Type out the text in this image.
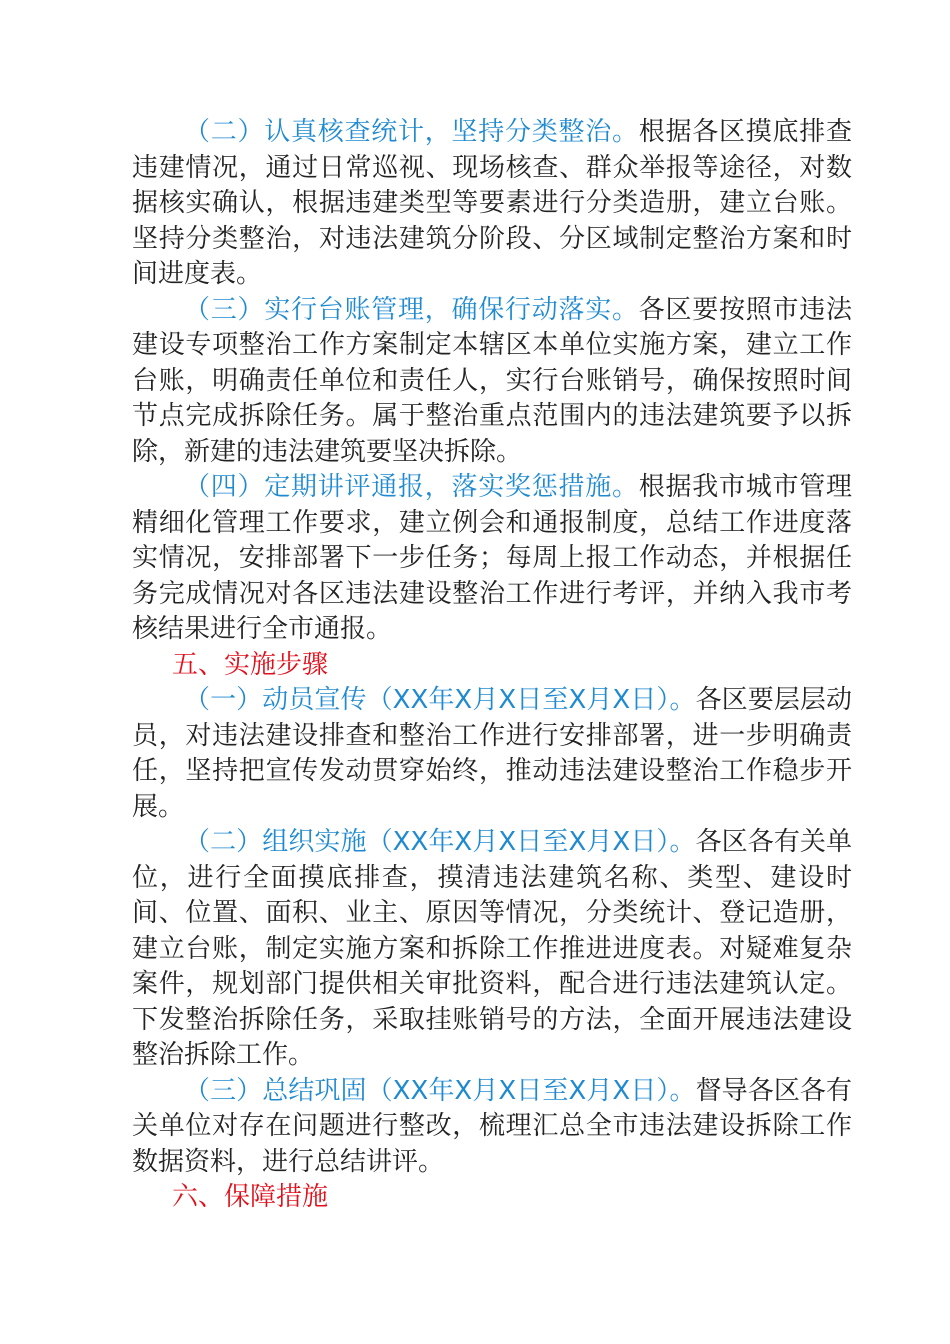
（二）认真核查统计，坚持分类整治。根据各区摸底排查违建情况，通过日常巡视、现场核查、群众举报等途径，对数据核实确认，根据违建类型等要素进行分类造册，建立台账。坚持分类整治，对违法建筑分阶段、分区域制定整治方案和时间进度表。

（三）实行台账管理，确保行动落实。各区要按照市违法建设专项整治工作方案制定本辖区本单位实施方案，建立工作台账，明确责任单位和责任人，实行台账销号，确保按照时间节点完成拆除任务。属于整治重点范围内的违法建筑要予以拆除，新建的违法建筑要坚决拆除。

（四）定期讲评通报，落实奖惩措施。根据我市城市管理精细化管理工作要求，建立例会和通报制度，总结工作进度落实情况，安排部署下一步任务；每周上报工作动态，并根据任务完成情况对各区违法建设整治工作进行考评，并纳入我市考核结果进行全市通报。

五、实施步骤

（一）动员宣传（XX年X月X日至X月X日）。各区要层层动员，对违法建设排查和整治工作进行安排部署，进一步明确责任，坚持把宣传发动贯穿始终，推动违法建设整治工作稳步开展。

（二）组织实施（XX年X月X日至X月X日）。各区各有关单位，进行全面摸底排查，摸清违法建筑名称、类型、建设时间、位置、面积、业主、原因等情况，分类统计、登记造册，建立台账，制定实施方案和拆除工作推进进度表。对疑难复杂案件，规划部门提供相关审批资料，配合进行违法建筑认定。下发整治拆除任务，采取挂账销号的方法，全面开展违法建设整治拆除工作。

（三）总结巩固（XX年X月X日至X月X日）。督导各区各有关单位对存在问题进行整改，梳理汇总全市违法建设拆除工作数据资料，进行总结讲评。

六、保障措施
